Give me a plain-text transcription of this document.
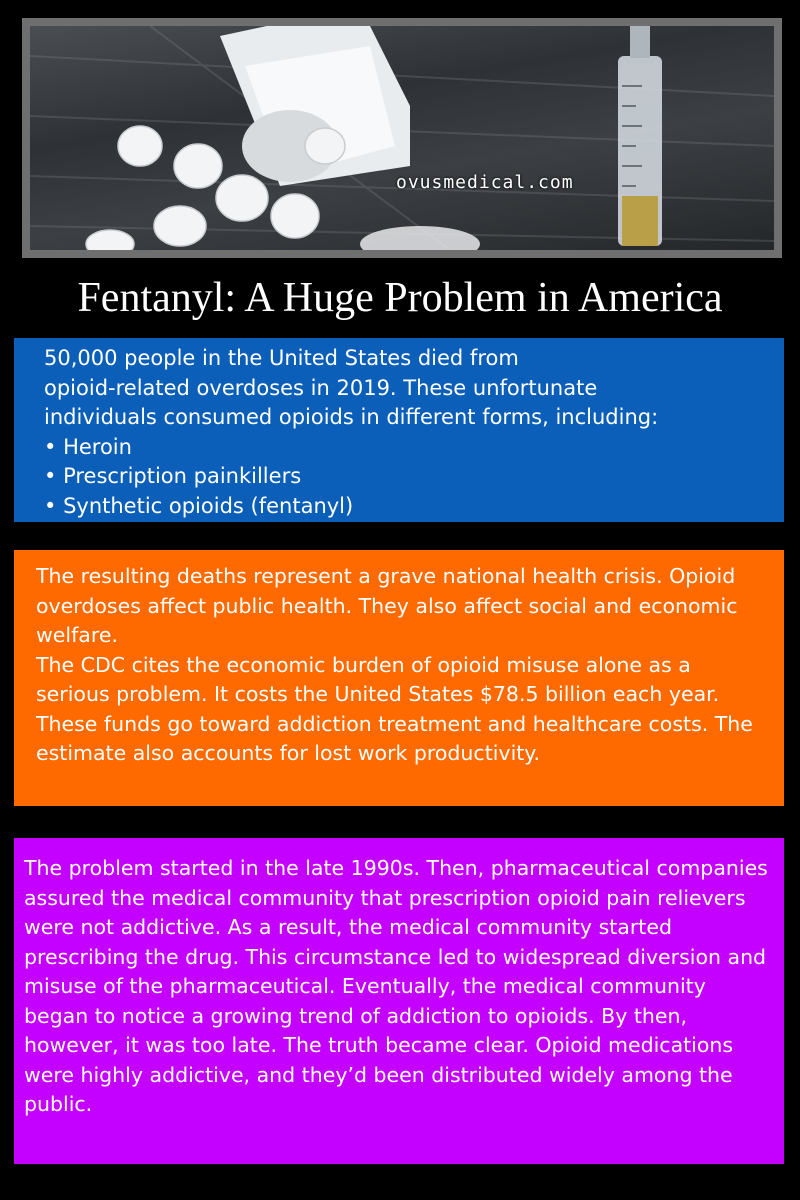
ovusmedical.com
Fentanyl: A Huge Problem in America
50,000 people in the United States died from
opioid-related overdoses in 2019. These unfortunate
individuals consumed opioids in different forms, including:
• Heroin
• Prescription painkillers
• Synthetic opioids (fentanyl)

The resulting deaths represent a grave national health crisis. Opioid overdoses affect public health. They also affect social and economic welfare.

The CDC cites the economic burden of opioid misuse alone as a serious problem. It costs the United States $78.5 billion each year. These funds go toward addiction treatment and healthcare costs. The estimate also accounts for lost work productivity.

The problem started in the late 1990s. Then, pharmaceutical companies assured the medical community that prescription opioid pain relievers were not addictive. As a result, the medical community started prescribing the drug. This circumstance led to widespread diversion and misuse of the pharmaceutical. Eventually, the medical community began to notice a growing trend of addiction to opioids. By then, however, it was too late. The truth became clear. Opioid medications were highly addictive, and they’d been distributed widely among the public.
